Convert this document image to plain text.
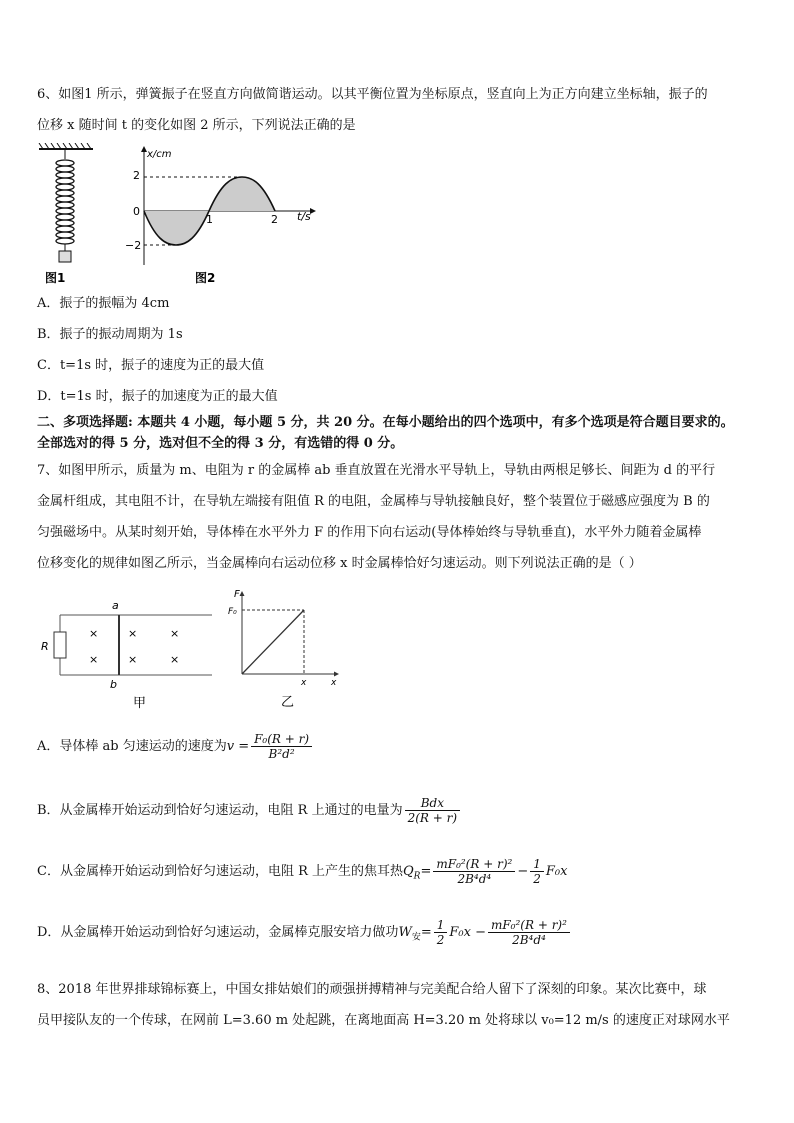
6、如图1 所示，弹簧振子在竖直方向做简谐运动。以其平衡位置为坐标原点，竖直向上为正方向建立坐标轴，振子的
位移 x 随时间 t 的变化如图 2 所示，下列说法正确的是
图1
x/cm
t/s
2
0
−2
1	2
图2
A．振子的振幅为 4cm
B．振子的振动周期为 1s
C．t=1s 时，振子的速度为正的最大值
D．t=1s 时，振子的加速度为正的最大值
二、多项选择题: 本题共 4 小题，每小题 5 分，共 20 分。在每小题给出的四个选项中，有多个选项是符合题目要求的。
全部选对的得 5 分，选对但不全的得 3 分，有选错的得 0 分。
7、如图甲所示，质量为 m、电阻为 r 的金属棒 ab 垂直放置在光滑水平导轨上，导轨由两根足够长、间距为 d 的平行
金属杆组成，其电阻不计，在导轨左端接有阻值 R 的电阻，金属棒与导轨接触良好，整个装置位于磁感应强度为 B 的
匀强磁场中。从某时刻开始，导体棒在水平外力 F 的作用下向右运动(导体棒始终与导轨垂直)，水平外力随着金属棒
位移变化的规律如图乙所示，当金属棒向右运动位移 x 时金属棒恰好匀速运动。则下列说法正确的是（ ）
R
a
b
×
×
×
×
×
×
甲
F
F₀
x	x
乙
A．导体棒 ab 匀速运动的速度为$v = \frac{\text{F₀(R + r)}}{\text{B²d²}}$
B．从金属棒开始运动到恰好匀速运动，电阻 R 上通过的电量为 $\frac{\text{Bdx}}{2(R + r)}$
C．从金属棒开始运动到恰好匀速运动，电阻 R 上产生的焦耳热$Q_R= \frac{\text{mF₀²(R + r)²}}{\text{2B⁴d⁴}} - \frac{1}{2} F_0x$
D．从金属棒开始运动到恰好匀速运动，金属棒克服安培力做功$W_安= \frac{1}{2} F_0x - \frac{\text{mF₀²(R + r)²}}{\text{2B⁴d⁴}}$
8、2018 年世界排球锦标赛上，中国女排姑娘们的顽强拼搏精神与完美配合给人留下了深刻的印象。某次比赛中，球
员甲接队友的一个传球，在网前 L=3.60 m 处起跳，在离地面高 H=3.20 m 处将球以 v₀=12 m/s 的速度正对球网水平
